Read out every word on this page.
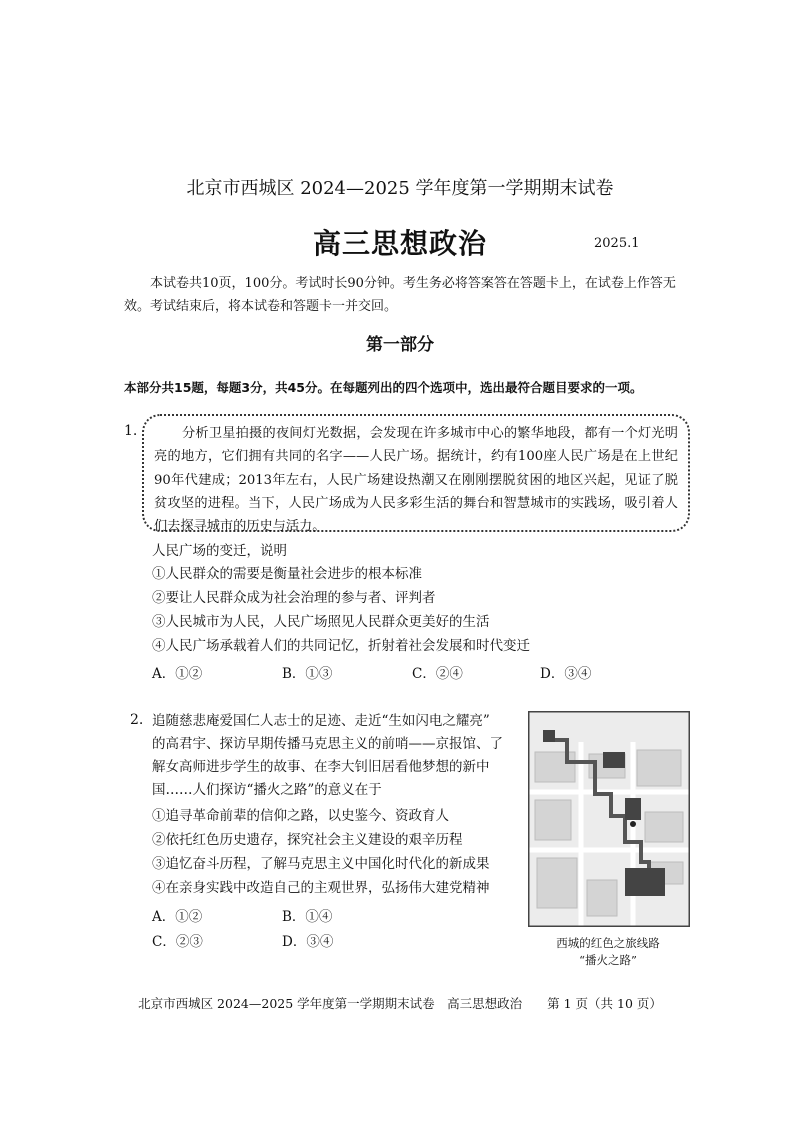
北京市西城区 2024—2025 学年度第一学期期末试卷
高三思想政治	2025.1
本试卷共10页，100分。考试时长90分钟。考生务必将答案答在答题卡上，在试卷上作答无效。考试结束后，将本试卷和答题卡一并交回。
第一部分
本部分共15题，每题3分，共45分。在每题列出的四个选项中，选出最符合题目要求的一项。
1.	分析卫星拍摄的夜间灯光数据，会发现在许多城市中心的繁华地段，都有一个灯光明亮的地方，它们拥有共同的名字——人民广场。据统计，约有100座人民广场是在上世纪90年代建成；2013年左右，人民广场建设热潮又在刚刚摆脱贫困的地区兴起，见证了脱贫攻坚的进程。当下，人民广场成为人民多彩生活的舞台和智慧城市的实践场，吸引着人们去探寻城市的历史与活力。

人民广场的变迁，说明
①人民群众的需要是衡量社会进步的根本标准
②要让人民群众成为社会治理的参与者、评判者
③人民城市为人民，人民广场照见人民群众更美好的生活
④人民广场承载着人们的共同记忆，折射着社会发展和时代变迁
A．①②	B．①③	C．②④	D．③④
2. 追随慈悲庵爱国仁人志士的足迹、走近“生如闪电之耀亮”
的高君宇、探访早期传播马克思主义的前哨——京报馆、了
解女高师进步学生的故事、在李大钊旧居看他梦想的新中
国……人们探访“播火之路”的意义在于
①追寻革命前辈的信仰之路，以史鉴今、资政育人
②依托红色历史遗存，探究社会主义建设的艰辛历程
③追忆奋斗历程，了解马克思主义中国化时代化的新成果
④在亲身实践中改造自己的主观世界，弘扬伟大建党精神
A．①②	B．①④
C．②③	D．③④	西城的红色之旅线路
“播火之路”
北京市西城区 2024—2025 学年度第一学期期末试卷　高三思想政治　　第 1 页（共 10 页）
